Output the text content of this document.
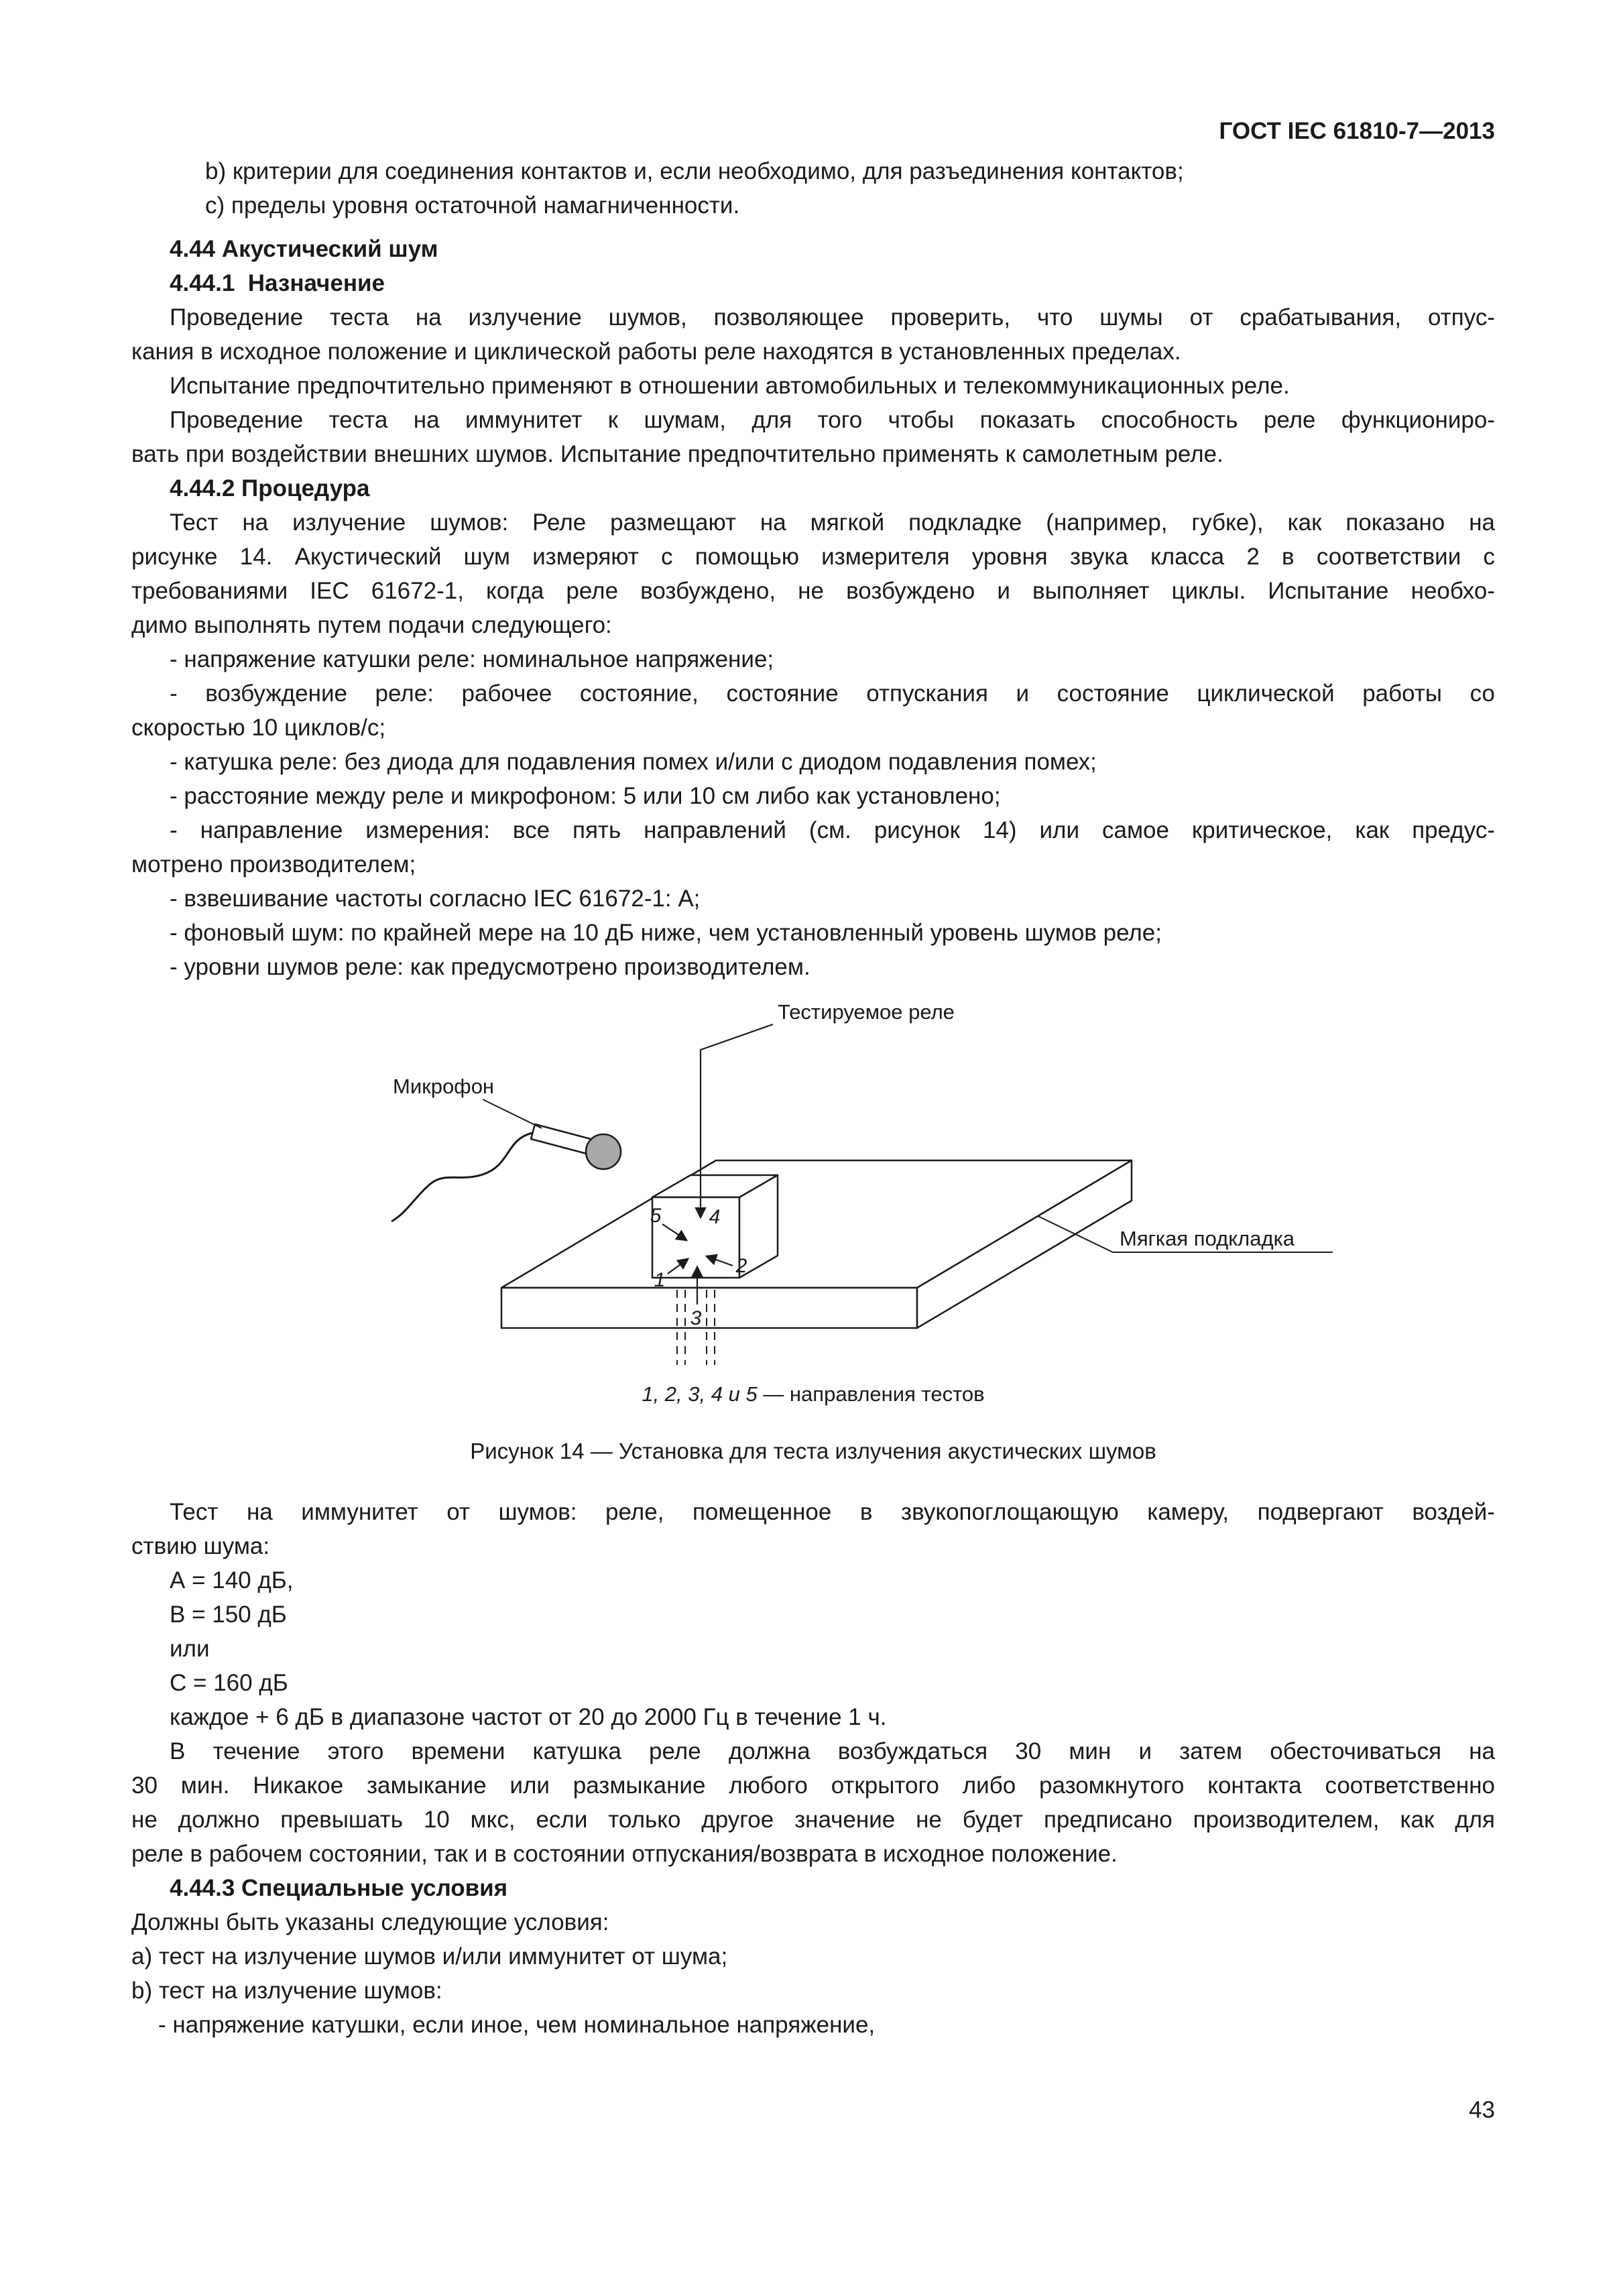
ГОСТ IEC 61810-7—2013
b) критерии для соединения контактов и, если необходимо, для разъединения контактов;
c) пределы уровня остаточной намагниченности.
4.44 Акустический шум
4.44.1  Назначение
Проведение теста на излучение шумов, позволяющее проверить, что шумы от срабатывания, отпус-
кания в исходное положение и циклической работы реле находятся в установленных пределах.
Испытание предпочтительно применяют в отношении автомобильных и телекоммуникационных реле.
Проведение теста на иммунитет к шумам, для того чтобы показать способность реле функциониро-
вать при воздействии внешних шумов. Испытание предпочтительно применять к самолетным реле.
4.44.2 Процедура
Тест на излучение шумов: Реле размещают на мягкой подкладке (например, губке), как показано на
рисунке 14. Акустический шум измеряют с помощью измерителя уровня звука класса 2 в соответствии с
требованиями IEC 61672-1, когда реле возбуждено, не возбуждено и выполняет циклы. Испытание необхо-
димо выполнять путем подачи следующего:
- напряжение катушки реле: номинальное напряжение;
- возбуждение реле: рабочее состояние, состояние отпускания и состояние циклической работы со
скоростью 10 циклов/с;
- катушка реле: без диода для подавления помех и/или с диодом подавления помех;
- расстояние между реле и микрофоном: 5 или 10 см либо как установлено;
- направление измерения: все пять направлений (см. рисунок 14) или самое критическое, как предус-
мотрено производителем;
- взвешивание частоты согласно IEC 61672-1: А;
- фоновый шум: по крайней мере на 10 дБ ниже, чем установленный уровень шумов реле;
- уровни шумов реле: как предусмотрено производителем.
Тестируемое реле
Микрофон
Мягкая подкладка
5 4
1
2
3
1, 2, 3, 4 и 5 — направления тестов
Рисунок 14 — Установка для теста излучения акустических шумов
Тест на иммунитет от шумов: реле, помещенное в звукопоглощающую камеру, подвергают воздей-
ствию шума:
А = 140 дБ,
В = 150 дБ
или
С = 160 дБ
каждое + 6 дБ в диапазоне частот от 20 до 2000 Гц в течение 1 ч.
В течение этого времени катушка реле должна возбуждаться 30 мин и затем обесточиваться на
30 мин. Никакое замыкание или размыкание любого открытого либо разомкнутого контакта соответственно
не должно превышать 10 мкс, если только другое значение не будет предписано производителем, как для
реле в рабочем состоянии, так и в состоянии отпускания/возврата в исходное положение.
4.44.3 Специальные условия
Должны быть указаны следующие условия:
a) тест на излучение шумов и/или иммунитет от шума;
b) тест на излучение шумов:
- напряжение катушки, если иное, чем номинальное напряжение,
43
